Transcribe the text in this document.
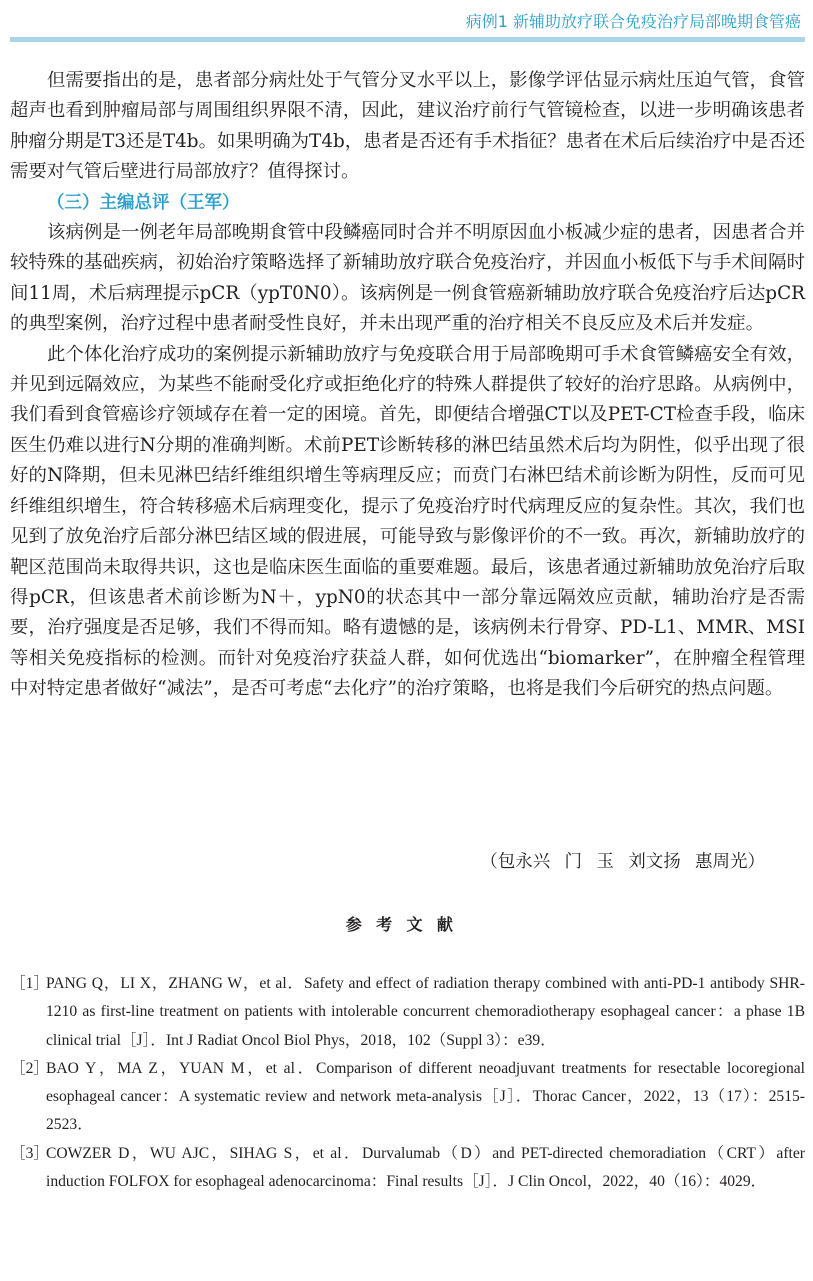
病例1 新辅助放疗联合免疫治疗局部晚期食管癌

但需要指出的是，患者部分病灶处于气管分叉水平以上，影像学评估显示病灶压迫气管，食管超声也看到肿瘤局部与周围组织界限不清，因此，建议治疗前行气管镜检查，以进一步明确该患者肿瘤分期是T3还是T4b。如果明确为T4b，患者是否还有手术指征？患者在术后后续治疗中是否还需要对气管后壁进行局部放疗？值得探讨。

（三）主编总评（王军）

该病例是一例老年局部晚期食管中段鳞癌同时合并不明原因血小板减少症的患者，因患者合并较特殊的基础疾病，初始治疗策略选择了新辅助放疗联合免疫治疗，并因血小板低下与手术间隔时间11周，术后病理提示pCR（ypT0N0）。该病例是一例食管癌新辅助放疗联合免疫治疗后达pCR的典型案例，治疗过程中患者耐受性良好，并未出现严重的治疗相关不良反应及术后并发症。

此个体化治疗成功的案例提示新辅助放疗与免疫联合用于局部晚期可手术食管鳞癌安全有效，并见到远隔效应，为某些不能耐受化疗或拒绝化疗的特殊人群提供了较好的治疗思路。从病例中，我们看到食管癌诊疗领域存在着一定的困境。首先，即便结合增强CT以及PET-CT检查手段，临床医生仍难以进行N分期的准确判断。术前PET诊断转移的淋巴结虽然术后均为阴性，似乎出现了很好的N降期，但未见淋巴结纤维组织增生等病理反应；而贲门右淋巴结术前诊断为阴性，反而可见纤维组织增生，符合转移癌术后病理变化，提示了免疫治疗时代病理反应的复杂性。其次，我们也见到了放免治疗后部分淋巴结区域的假进展，可能导致与影像评价的不一致。再次，新辅助放疗的靶区范围尚未取得共识，这也是临床医生面临的重要难题。最后，该患者通过新辅助放免治疗后取得pCR，但该患者术前诊断为N＋，ypN0的状态其中一部分靠远隔效应贡献，辅助治疗是否需要，治疗强度是否足够，我们不得而知。略有遗憾的是，该病例未行骨穿、PD-L1、MMR、MSI等相关免疫指标的检测。而针对免疫治疗获益人群，如何优选出“biomarker”，在肿瘤全程管理中对特定患者做好“减法”，是否可考虑“去化疗”的治疗策略，也将是我们今后研究的热点问题。

（包永兴 门 玉 刘文扬 惠周光）
参考文献
［1］
PANG Q，LI X，ZHANG W，et al．Safety and effect of radiation therapy combined with anti-PD-1 antibody SHR-1210 as first-line treatment on patients with intolerable concurrent chemoradiotherapy esophageal cancer：a phase 1B clinical trial［J］．Int J Radiat Oncol Biol Phys，2018，102（Suppl 3）：e39．
［2］
BAO Y，MA Z，YUAN M，et al．Comparison of different neoadjuvant treatments for resectable locoregional esophageal cancer：A systematic review and network meta-analysis［J］．Thorac Cancer，2022，13（17）：2515-2523．
［3］
COWZER D，WU AJC，SIHAG S，et al．Durvalumab（D）and PET-directed chemoradiation（CRT）after induction FOLFOX for esophageal adenocarcinoma：Final results［J］．J Clin Oncol，2022，40（16）：4029．
